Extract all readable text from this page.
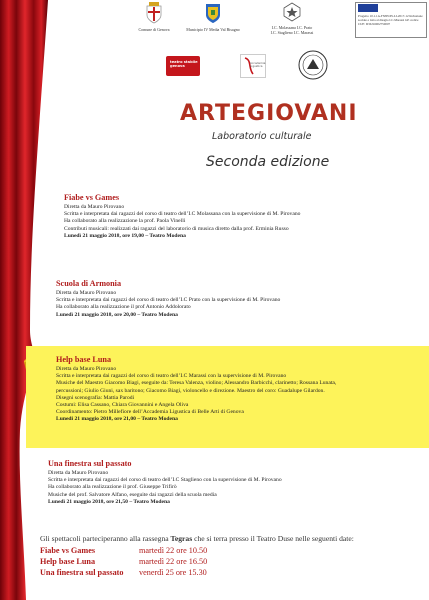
Comune di Genova	Municipio IV Media Val Bisagno	I.C. Molassana I.C. Prato
I.C. Staglieno I.C. Marassi
Progetto 10.1.1A-FSEPON-LI-2017-12 Inclusione sociale e lotta al disagio I.C.Marassi GE codice CUP: D36J16002750007
teatro stabile genova
Accademia Ligustica
ARTEGIOVANI
Laboratorio culturale
Seconda edizione
Fiabe vs Games
Diretta da Mauro Pirovano
Scritta e interpretata dai ragazzi del corso di teatro dell’I.C Molassana con la supervisione di M. Pirovano
Ha collaborato alla realizzazione la prof. Paola Vinelli
Contributi musicali: realizzati dai ragazzi del laboratorio di musica diretto dalla prof. Erminia Russo
Lunedì 21 maggio 2018, ore 19,00 – Teatro Modena
Scuola di Armonia
Diretta da Mauro Pirovano
Scritta e interpretata dai ragazzi del corso di teatro dell’I.C Prato con la supervisione di M. Pirovano
Ha collaborato alla realizzazione il prof Antonio Addolorato
Lunedì 21 maggio 2018, ore 20,00 – Teatro Modena
Help base Luna
Diretta da Mauro Pirovano
Scritta e interpretata dai ragazzi del corso di teatro dell’I.C Marassi con la supervisione di M. Pirovano
Musiche del Maestro Giacomo Biagi, eseguite da: Teresa Valenza, violino; Alessandro Barbicchi, clarinetto; Rossana Lunata,
percussioni; Giulio Giuni, sax baritono; Giacomo Biagi, violoncello e direzione. Maestro del coro: Guadalupe Gilardon.
Disegni scenografia: Mattia Parodi
Costumi: Elisa Cassano, Chiara Giovannini e Angela Oliva
Coordinamento: Pietro Millefiore dell’Accademia Ligustica di Belle Arti di Genova
Lunedi 21 maggio 2018, ore 21,00 – Teatro Modena
Una finestra sul passato
Diretta da Mauro Pirovano
Scritta e interpretata dai ragazzi del corso di teatro dell’I.C Staglieno con la supervisione di M. Pirovano
Ha collaborato alla realizzazione il prof. Giuseppe Trifirò
Musiche del prof. Salvatore Alfano, eseguite dai ragazzi della scuola media
Lunedì 21 maggio 2018, ore 21,50 – Teatro Modena
Gli spettacoli parteciperanno alla rassegna Tegras che si terra presso il Teatro Duse nelle seguenti date:
Fiabe vs Games	martedì 22 ore 10.50
Help base Luna	martedì 22 ore 16.50
Una finestra sul passato venerdì 25 ore 15.30
